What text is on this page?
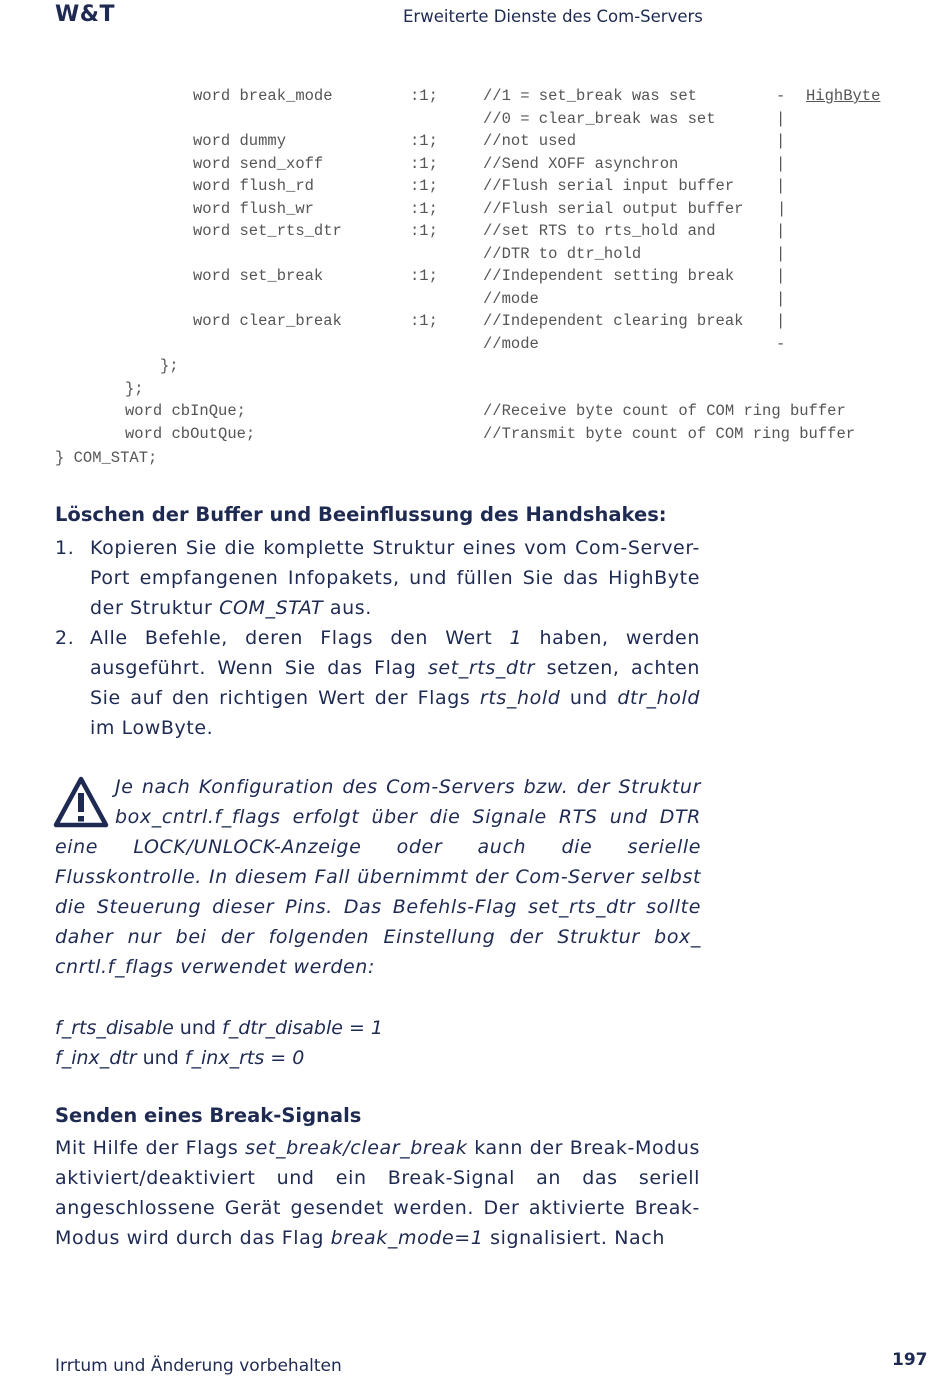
W&T	Erweiterte Dienste des Com-Servers
word break_mode	:1;	//1 = set_break was set	- HighByte
//0 = clear_break was set	|
word dummy	:1;	//not used	|
word send_xoff	:1;	//Send XOFF asynchron	|
word flush_rd	:1;	//Flush serial input buffer	|
word flush_wr	:1;	//Flush serial output buffer |
word set_rts_dtr	:1;	//set RTS to rts_hold and	|
//DTR to dtr_hold	|
word set_break	:1;	//Independent setting break	|
//mode	|
word clear_break	:1;	//Independent clearing break |
//mode	-
};
};
word cbInQue;	//Receive byte count of COM ring buffer
word cbOutQue;	//Transmit byte count of COM ring buffer
} COM_STAT;
Löschen der Buffer und Beeinflussung des Handshakes:
1. Kopieren Sie die komplette Struktur eines vom Com-Server-Port empfangenen Infopakets, und füllen Sie das HighByte der Struktur COM_STAT aus.
2. Alle Befehle, deren Flags den Wert 1 haben, werden ausgeführt. Wenn Sie das Flag set_rts_dtr setzen, achten Sie auf den richtigen Wert der Flags rts_hold und dtr_hold im LowByte.
Je nach Konfiguration des Com-Servers bzw. der Struktur box_cntrl.f_flags erfolgt über die Signale RTS und DTR eine LOCK/UNLOCK-Anzeige oder auch die serielle Flusskontrolle. In diesem Fall übernimmt der Com-Server selbst die Steuerung dieser Pins. Das Befehls-Flag set_rts_dtr sollte daher nur bei der folgenden Einstellung der Struktur box_ cnrtl.f_flags verwendet werden:
f_rts_disable und f_dtr_disable = 1
f_inx_dtr und f_inx_rts = 0
Senden eines Break-Signals
Mit Hilfe der Flags set_break/clear_break kann der Break-Modus aktiviert/deaktiviert und ein Break-Signal an das seriell angeschlossene Gerät gesendet werden. Der aktivierte Break-Modus wird durch das Flag break_mode=1 signalisiert. Nach
Irrtum und Änderung vorbehalten	197
